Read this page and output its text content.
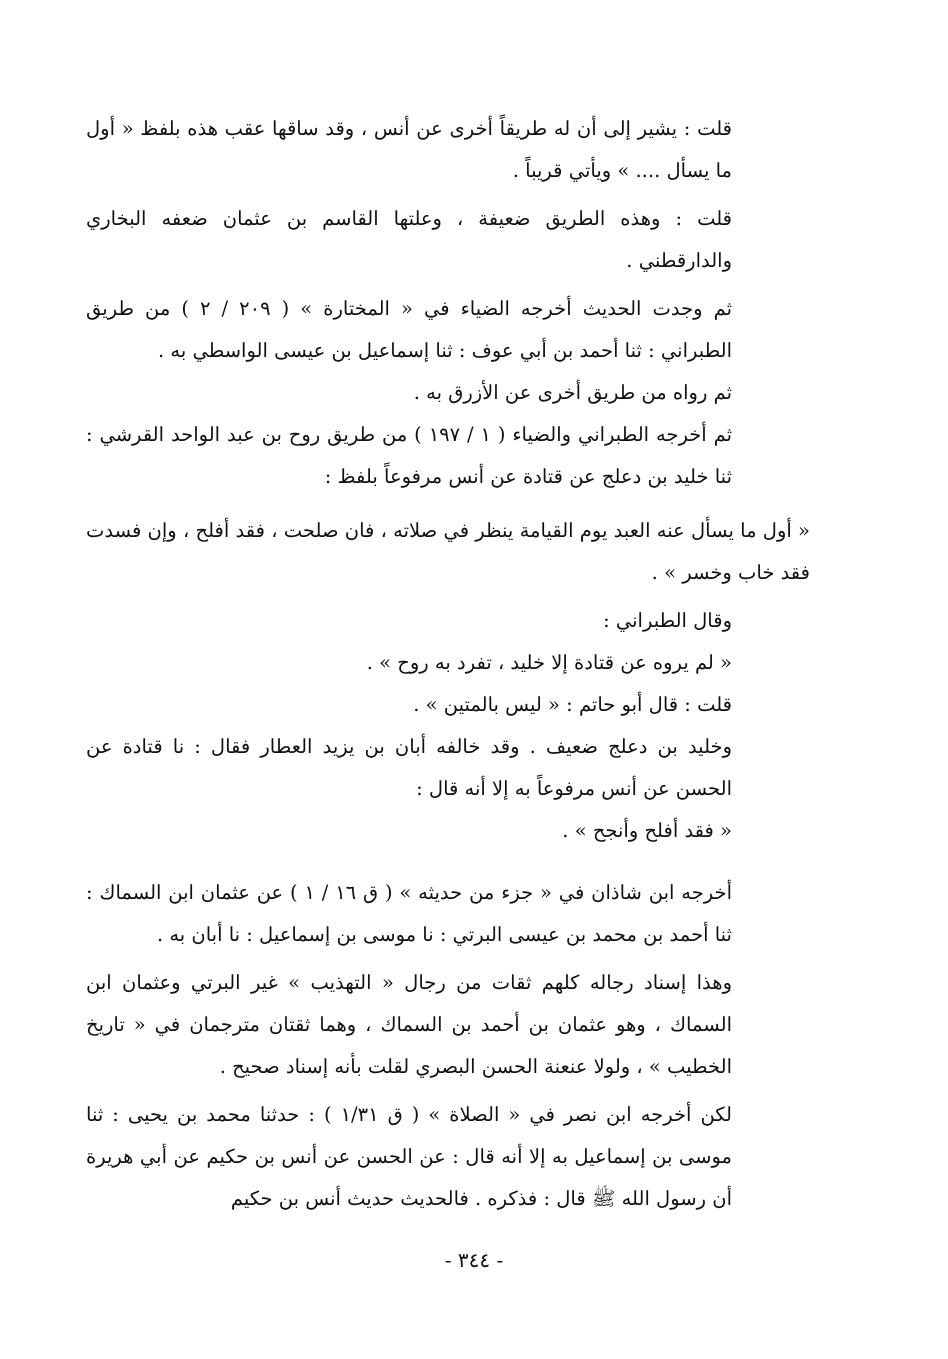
قلت : يشير إلى أن له طريقاً أخرى عن أنس ، وقد ساقها عقب هذه بلفظ « أول ما يسأل .... » ويأتي قريباً .

قلت : وهذه الطريق ضعيفة ، وعلتها القاسم بن عثمان ضعفه البخاري والدارقطني .

ثم وجدت الحديث أخرجه الضياء في « المختارة » ( ٢٠٩ / ٢ ) من طريق الطبراني : ثنا أحمد بن أبي عوف : ثنا إسماعيل بن عيسى الواسطي به .

ثم رواه من طريق أخرى عن الأزرق به .

ثم أخرجه الطبراني والضياء ( ١ / ١٩٧ ) من طريق روح بن عبد الواحد القرشي : ثنا خليد بن دعلج عن قتادة عن أنس مرفوعاً بلفظ :

« أول ما يسأل عنه العبد يوم القيامة ينظر في صلاته ، فان صلحت ، فقد أفلح ، وإن فسدت فقد خاب وخسر » .

وقال الطبراني :

« لم يروه عن قتادة إلا خليد ، تفرد به روح » .

قلت : قال أبو حاتم : « ليس بالمتين » .

وخليد بن دعلج ضعيف . وقد خالفه أبان بن يزيد العطار فقال : نا قتادة عن الحسن عن أنس مرفوعاً به إلا أنه قال :

« فقد أفلح وأنجح » .

أخرجه ابن شاذان في « جزء من حديثه » ( ق ١٦ / ١ ) عن عثمان ابن السماك : ثنا أحمد بن محمد بن عيسى البرتي : نا موسى بن إسماعيل : نا أبان به .

وهذا إسناد رجاله كلهم ثقات من رجال « التهذيب » غير البرتي وعثمان ابن السماك ، وهو عثمان بن أحمد بن السماك ، وهما ثقتان مترجمان في « تاريخ الخطيب » ، ولولا عنعنة الحسن البصري لقلت بأنه إسناد صحيح .

لكن أخرجه ابن نصر في « الصلاة » ( ق ١/٣١ ) : حدثنا محمد بن يحيى : ثنا موسى بن إسماعيل به إلا أنه قال : عن الحسن عن أنس بن حكيم عن أبي هريرة أن رسول الله ﷺ قال : فذكره . فالحديث حديث أنس بن حكيم

- ٣٤٤ -
